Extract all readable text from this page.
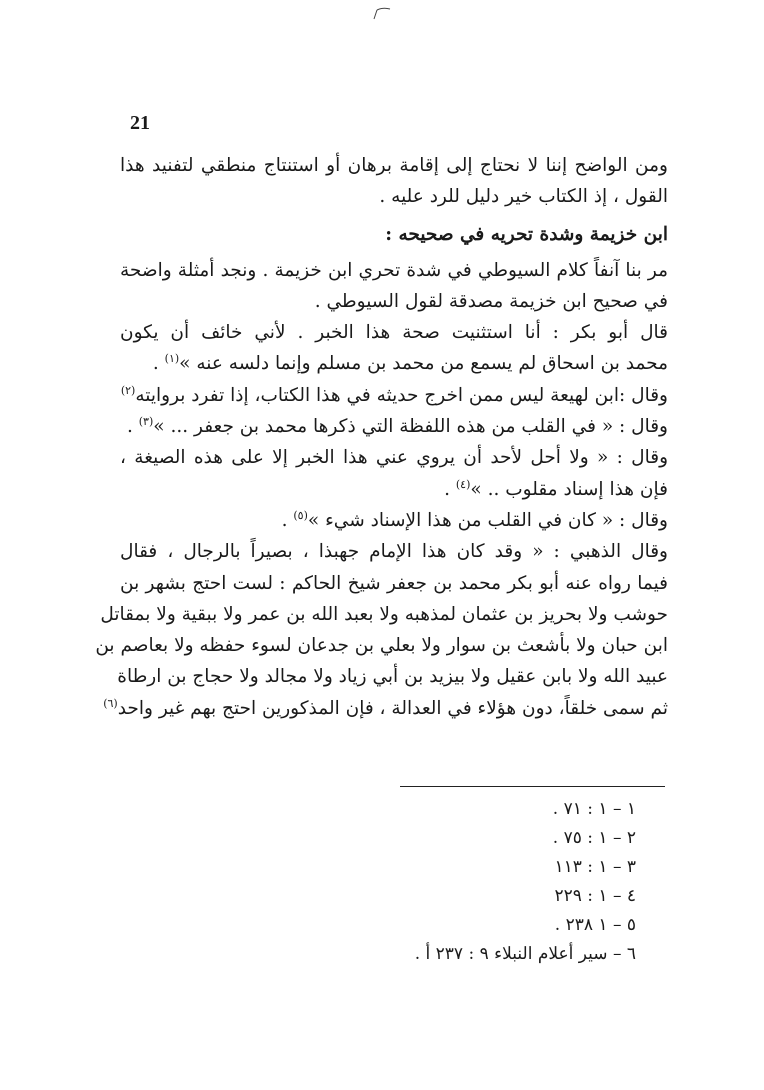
21
ومن الواضح إننا لا نحتاج إلى إقامة برهان أو استنتاج منطقي لتفنيد هذا
القول ، إذ الكتاب خير دليل للرد عليه .
ابن خزيمة وشدة تحريه في صحيحه :
مر بنا آنفاً كلام السيوطي في شدة تحري ابن خزيمة . ونجد أمثلة واضحة
في صحيح ابن خزيمة مصدقة لقول السيوطي .
قال أبو بكر : أنا استثنيت صحة هذا الخبر . لأني خائف أن يكون
محمد بن اسحاق لم يسمع من محمد بن مسلم وإنما دلسه عنه »$^{(١)}$ .
وقال :ابن لهيعة ليس ممن اخرج حديثه في هذا الكتاب، إذا تفرد بروايته$^{(٢)}$
وقال : « في القلب من هذه اللفظة التي ذكرها محمد بن جعفر ... »$^{(٣)}$ .
وقال : « ولا أحل لأحد أن يروي عني هذا الخبر إلا على هذه الصيغة ،
فإن هذا إسناد مقلوب .. »$^{(٤)}$ .
وقال : « كان في القلب من هذا الإسناد شيء »$^{(٥)}$ .
وقال الذهبي : « وقد كان هذا الإمام جهبذا ، بصيراً بالرجال ، فقال
فيما رواه عنه أبو بكر محمد بن جعفر شيخ الحاكم : لست احتج بشهر بن
حوشب ولا بحريز بن عثمان لمذهبه ولا بعبد الله بن عمر ولا ببقية ولا بمقاتل
ابن حبان ولا بأشعث بن سوار ولا بعلي بن جدعان لسوء حفظه ولا بعاصم بن
عبيد الله ولا بابن عقيل ولا بيزيد بن أبي زياد ولا مجالد ولا حجاج بن ارطاة
ثم سمى خلقاً، دون هؤلاء في العدالة ، فإن المذكورين احتج بهم غير واحد$^{(٦)}$
١ – ١ : ٧١ .
٢ – ١ : ٧٥ .
٣ – ١ : ١١٣
٤ – ١ : ٢٢٩
٥ – ١ ٢٣٨ .
٦ – سير أعلام النبلاء ٩ : ٢٣٧ أ .
